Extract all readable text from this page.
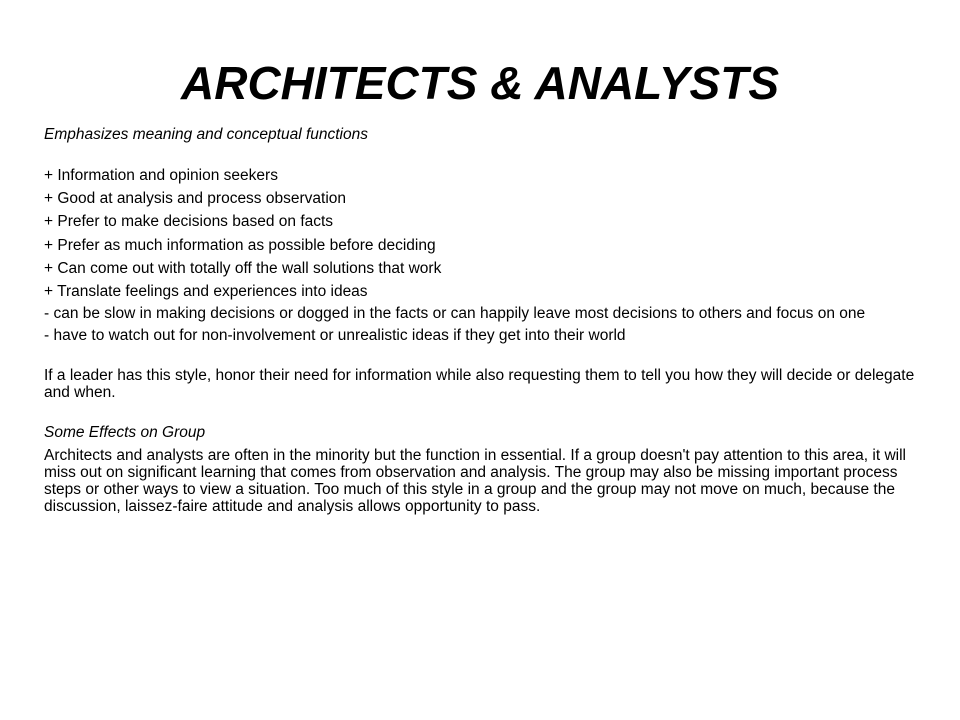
ARCHITECTS & ANALYSTS
Emphasizes meaning and conceptual functions
+ Information and opinion seekers
+ Good at analysis and process observation
+ Prefer to make decisions based on facts
+ Prefer as much information as possible before deciding
+ Can come out with totally off the wall solutions that work
+ Translate feelings and experiences into ideas
- can be slow in making decisions or dogged in the facts or can happily leave most decisions to others and focus on one
- have to watch out for non-involvement or unrealistic ideas if they get into their world
If a leader has this style, honor their need for information while also requesting them to tell you how they will decide or delegate and when.
Some Effects on Group
Architects and analysts are often in the minority but the function in essential. If a group doesn't pay attention to this area, it will miss out on significant learning that comes from observation and analysis. The group may also be missing important process steps or other ways to view a situation. Too much of this style in a group and the group may not move on much, because the discussion, laissez-faire attitude and analysis allows opportunity to pass.
